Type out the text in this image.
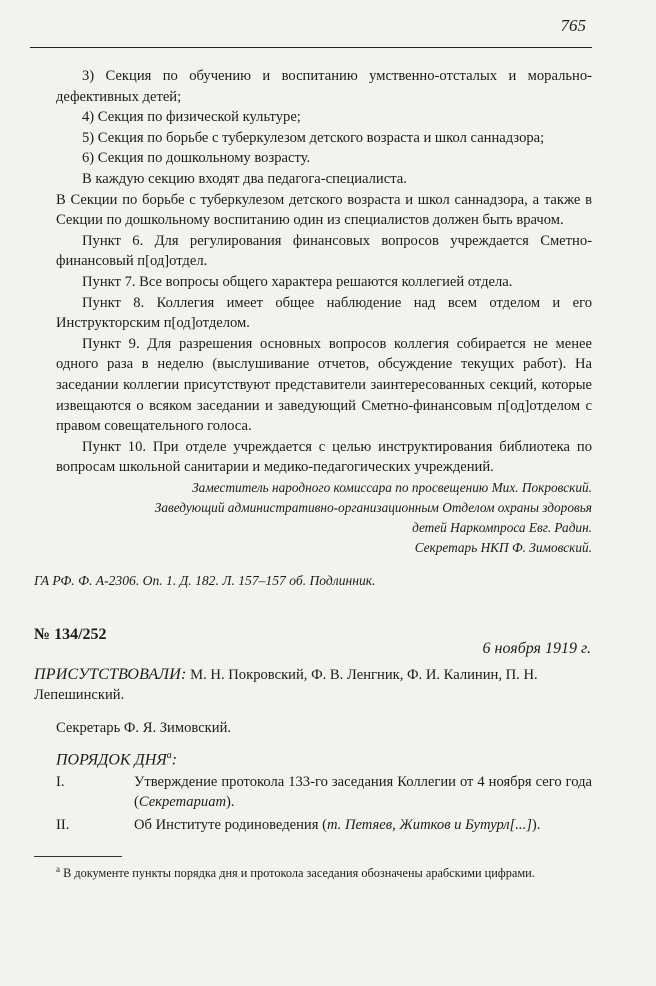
765

3) Секция по обучению и воспитанию умственно-отсталых и морально-дефективных детей;

4) Секция по физической культуре;

5) Секция по борьбе с туберкулезом детского возраста и школ саннадзора;

6) Секция по дошкольному возрасту.

В каждую секцию входят два педагога-специалиста.

В Секции по борьбе с туберкулезом детского возраста и школ саннадзора, а также в Секции по дошкольному воспитанию один из специалистов должен быть врачом.

Пункт 6. Для регулирования финансовых вопросов учреждается Сметно-финансовый п[од]отдел.

Пункт 7. Все вопросы общего характера решаются коллегией отдела.

Пункт 8. Коллегия имеет общее наблюдение над всем отделом и его Инструкторским п[од]отделом.

Пункт 9. Для разрешения основных вопросов коллегия собирается не менее одного раза в неделю (выслушивание отчетов, обсуждение текущих работ). На заседании коллегии присутствуют представители заинтересованных секций, которые извещаются о всяком заседании и заведующий Сметно-финансовым п[од]отделом с правом совещательного голоса.

Пункт 10. При отделе учреждается с целью инструктирования библиотека по вопросам школьной санитарии и медико-педагогических учреждений.

Заместитель народного комиссара по просвещению Мих. Покровский.
Заведующий административно-организационным Отделом охраны здоровья
детей Наркомпроса Евг. Радин.
Секретарь НКП Ф. Зимовский.
ГА РФ. Ф. А-2306. Оп. 1. Д. 182. Л. 157–157 об. Подлинник.
№ 134/252
6 ноября 1919 г.
ПРИСУТСТВОВАЛИ: М. Н. Покровский, Ф. В. Ленгник, Ф. И. Калинин, П. Н. Лепешинский.
Секретарь Ф. Я. Зимовский.
ПОРЯДОК $ДНЯ^а$:
I.	Утверждение протокола 133-го заседания Коллегии от 4 ноября сего года (Секретариат).
II.	Об Институте родиноведения (т. Петяев, Житков и Бутурл[...]).
$^а$ В документе пункты порядка дня и протокола заседания обозначены арабскими цифрами.
